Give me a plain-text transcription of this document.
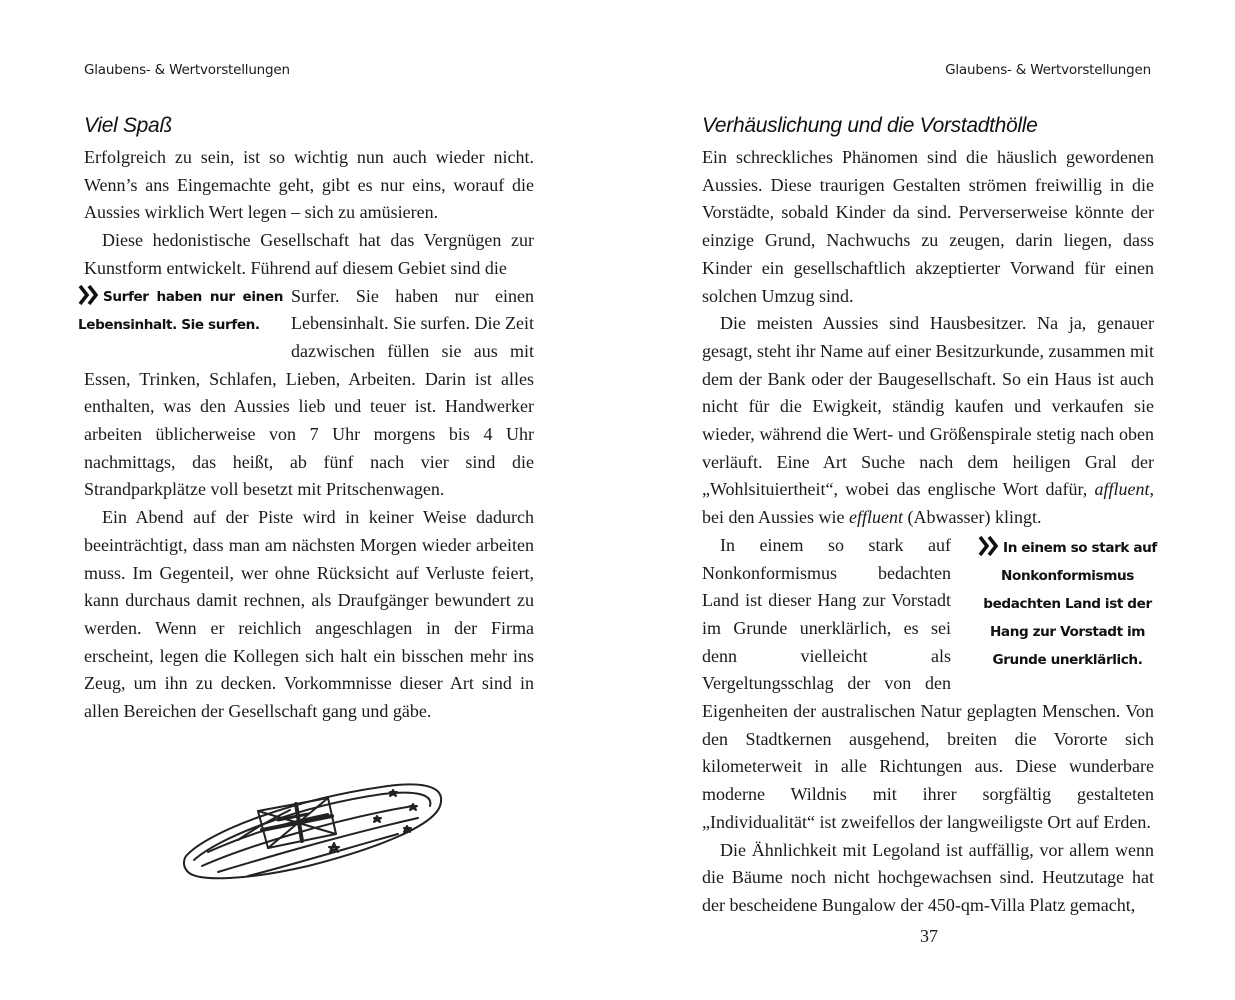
Glaubens- & Wertvorstellungen
Viel Spaß

Erfolgreich zu sein, ist so wichtig nun auch wieder nicht. Wenn’s ans Eingemachte geht, gibt es nur eins, worauf die Aussies wirklich Wert legen – sich zu amüsieren.

Diese hedonistische Gesellschaft hat das Vergnügen zur Kunstform entwickelt. Führend auf diesem Gebiet sind die

Surfer haben nur einen Lebensinhalt. Sie surfen.

Surfer. Sie haben nur einen Lebensinhalt. Sie surfen. Die Zeit dazwischen füllen sie aus mit Essen, Trinken, Schlafen, Lieben, Arbeiten. Darin ist alles enthalten, was den Aussies lieb und teuer ist. Handwerker arbeiten üblicherweise von 7 Uhr morgens bis 4 Uhr nachmittags, das heißt, ab fünf nach vier sind die Strandparkplätze voll besetzt mit Pritschenwagen.

Ein Abend auf der Piste wird in keiner Weise dadurch beeinträchtigt, dass man am nächsten Morgen wieder arbeiten muss. Im Gegenteil, wer ohne Rücksicht auf Verluste feiert, kann durchaus damit rechnen, als Draufgänger bewundert zu werden. Wenn er reichlich angeschlagen in der Firma erscheint, legen die Kollegen sich halt ein bisschen mehr ins Zeug, um ihn zu decken. Vorkommnisse dieser Art sind in allen Bereichen der Gesellschaft gang und gäbe.

Glaubens- & Wertvorstellungen
Verhäuslichung und die Vorstadthölle

Ein schreckliches Phänomen sind die häuslich gewordenen Aussies. Diese traurigen Gestalten strömen freiwillig in die Vorstädte, sobald Kinder da sind. Perverserweise könnte der einzige Grund, Nachwuchs zu zeugen, darin liegen, dass Kinder ein gesellschaftlich akzeptierter Vorwand für einen solchen Umzug sind.

Die meisten Aussies sind Hausbesitzer. Na ja, genauer gesagt, steht ihr Name auf einer Besitzurkunde, zusammen mit dem der Bank oder der Baugesellschaft. So ein Haus ist auch nicht für die Ewigkeit, ständig kaufen und verkaufen sie wieder, während die Wert- und Größenspirale stetig nach oben verläuft. Eine Art Suche nach dem heiligen Gral der „Wohlsituiertheit“, wobei das englische Wort dafür, affluent, bei den Aussies wie effluent (Abwasser) klingt.

In einem so stark auf Nonkonformismus bedachten Land ist der Hang zur Vorstadt im Grunde unerklärlich.

In einem so stark auf Nonkonformismus bedachten Land ist dieser Hang zur Vorstadt im Grunde unerklärlich, es sei denn vielleicht als Vergeltungsschlag der von den Eigenheiten der australischen Natur geplagten Menschen. Von den Stadtkernen ausgehend, breiten die Vororte sich kilometerweit in alle Richtungen aus. Diese wunderbare moderne Wildnis mit ihrer sorgfältig gestalteten „Individualität“ ist zweifellos der langweiligste Ort auf Erden.

Die Ähnlichkeit mit Legoland ist auffällig, vor allem wenn die Bäume noch nicht hochgewachsen sind. Heutzutage hat der bescheidene Bungalow der 450-qm-Villa Platz gemacht,

37
